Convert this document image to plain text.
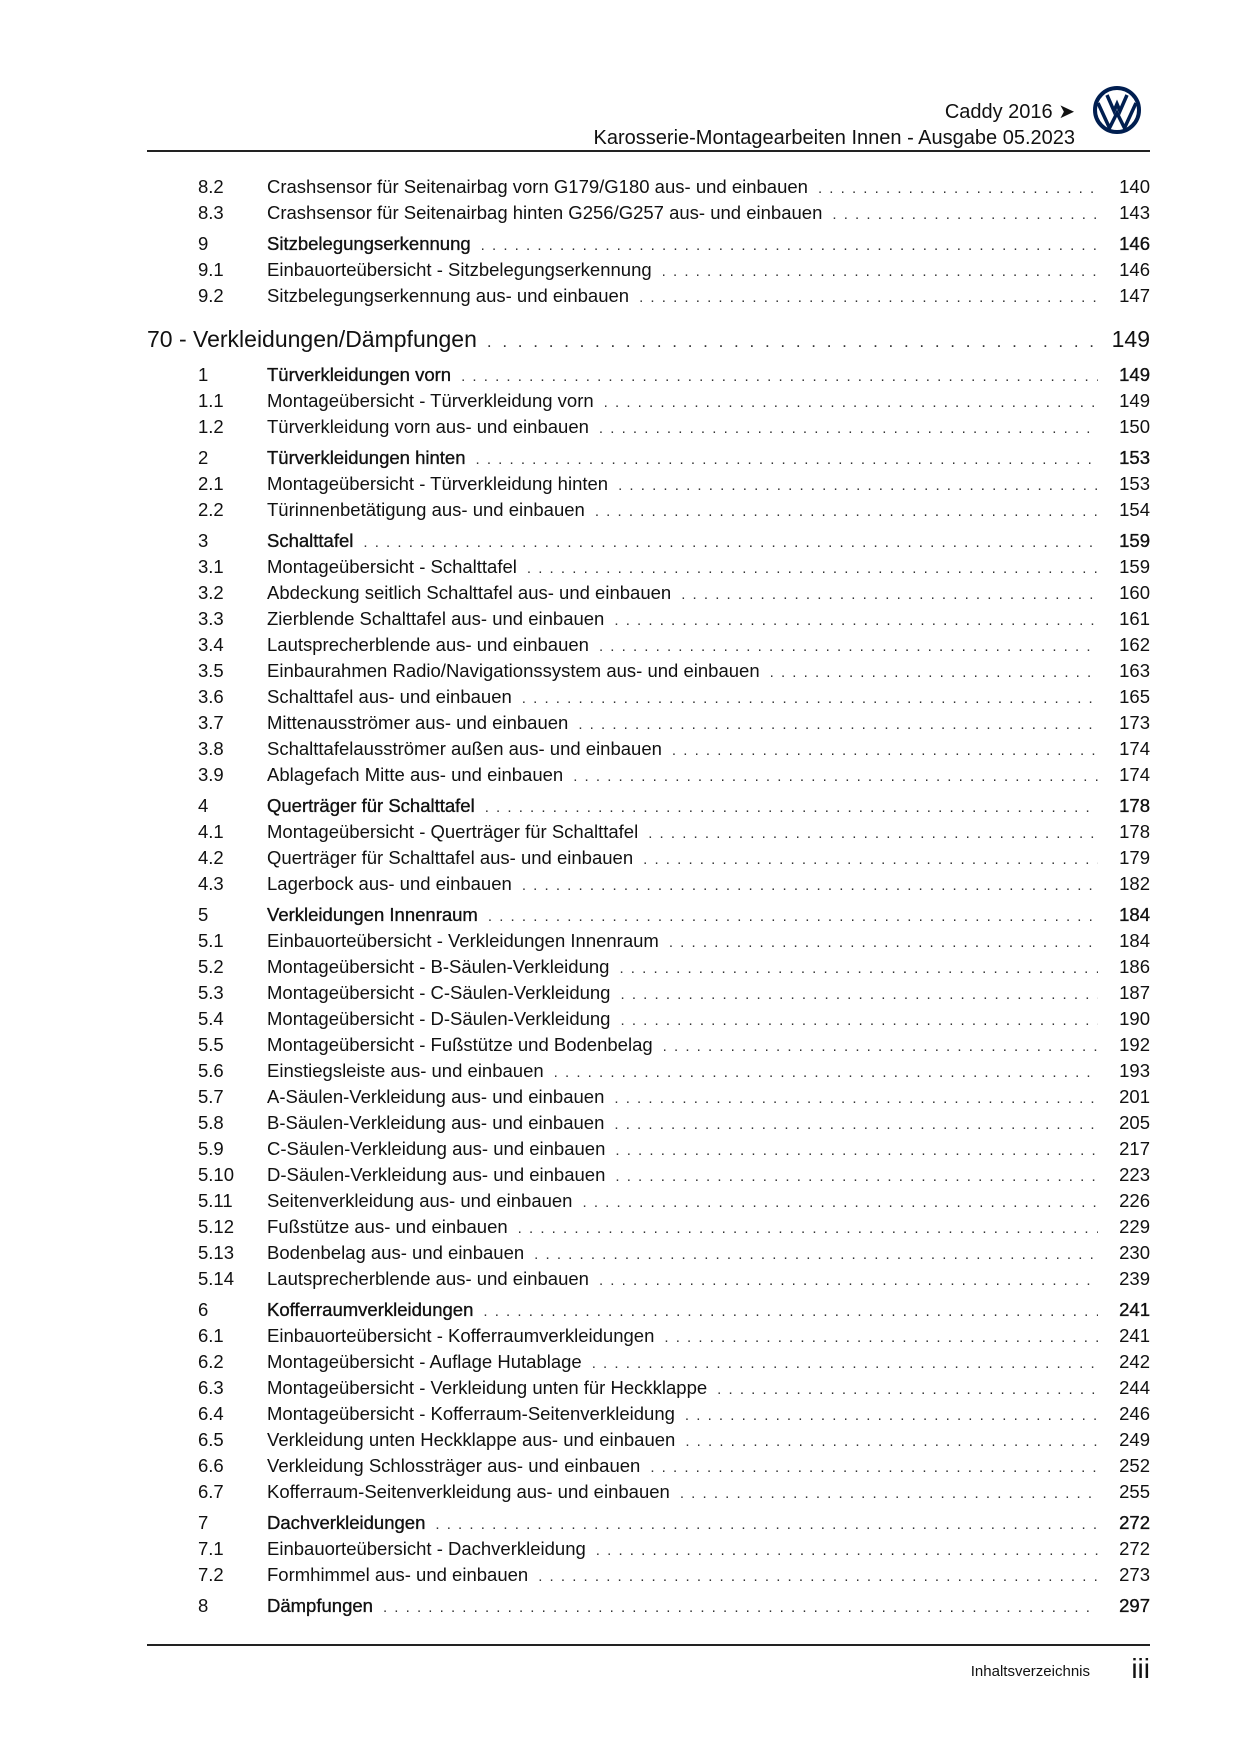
Caddy 2016 ➤
Karosserie-Montagearbeiten Innen - Ausgabe 05.2023
8.2	Crashsensor für Seitenairbag vorn G179/G180 aus- und einbauen . . .	140
8.3	Crashsensor für Seitenairbag hinten G256/G257 aus- und einbauen . . .	143
9	Sitzbelegungserkennung . . .	146
9.1	Einbauorteübersicht - Sitzbelegungserkennung . . .	146
9.2	Sitzbelegungserkennung aus- und einbauen . . .	147
70 - Verkleidungen/Dämpfungen . . .	149
1	Türverkleidungen vorn . . .	149
1.1	Montageübersicht - Türverkleidung vorn . . .	149
1.2	Türverkleidung vorn aus- und einbauen . . .	150
2	Türverkleidungen hinten . . .	153
2.1	Montageübersicht - Türverkleidung hinten . . .	153
2.2	Türinnenbetätigung aus- und einbauen . . .	154
3	Schalttafel . . .	159
3.1	Montageübersicht - Schalttafel . . .	159
3.2	Abdeckung seitlich Schalttafel aus- und einbauen . . .	160
3.3	Zierblende Schalttafel aus- und einbauen . . .	161
3.4	Lautsprecherblende aus- und einbauen . . .	162
3.5	Einbaurahmen Radio/Navigationssystem aus- und einbauen . . .	163
3.6	Schalttafel aus- und einbauen . . .	165
3.7	Mittenausströmer aus- und einbauen . . .	173
3.8	Schalttafelausströmer außen aus- und einbauen . . .	174
3.9	Ablagefach Mitte aus- und einbauen . . .	174
4	Querträger für Schalttafel . . .	178
4.1	Montageübersicht - Querträger für Schalttafel . . .	178
4.2	Querträger für Schalttafel aus- und einbauen . . .	179
4.3	Lagerbock aus- und einbauen . . .	182
5	Verkleidungen Innenraum . . .	184
5.1	Einbauorteübersicht - Verkleidungen Innenraum . . .	184
5.2	Montageübersicht - B-Säulen-Verkleidung . . .	186
5.3	Montageübersicht - C-Säulen-Verkleidung . . .	187
5.4	Montageübersicht - D-Säulen-Verkleidung . . .	190
5.5	Montageübersicht - Fußstütze und Bodenbelag . . .	192
5.6	Einstiegsleiste aus- und einbauen . . .	193
5.7	A-Säulen-Verkleidung aus- und einbauen . . .	201
5.8	B-Säulen-Verkleidung aus- und einbauen . . .	205
5.9	C-Säulen-Verkleidung aus- und einbauen . . .	217
5.10	D-Säulen-Verkleidung aus- und einbauen . . .	223
5.11	Seitenverkleidung aus- und einbauen . . .	226
5.12	Fußstütze aus- und einbauen . . .	229
5.13	Bodenbelag aus- und einbauen . . .	230
5.14	Lautsprecherblende aus- und einbauen . . .	239
6	Kofferraumverkleidungen . . .	241
6.1	Einbauorteübersicht - Kofferraumverkleidungen . . .	241
6.2	Montageübersicht - Auflage Hutablage . . .	242
6.3	Montageübersicht - Verkleidung unten für Heckklappe . . .	244
6.4	Montageübersicht - Kofferraum-Seitenverkleidung . . .	246
6.5	Verkleidung unten Heckklappe aus- und einbauen . . .	249
6.6	Verkleidung Schlossträger aus- und einbauen . . .	252
6.7	Kofferraum-Seitenverkleidung aus- und einbauen . . .	255
7	Dachverkleidungen . . .	272
7.1	Einbauorteübersicht - Dachverkleidung . . .	272
7.2	Formhimmel aus- und einbauen . . .	273
8	Dämpfungen . . .	297
Inhaltsverzeichnis	iii
